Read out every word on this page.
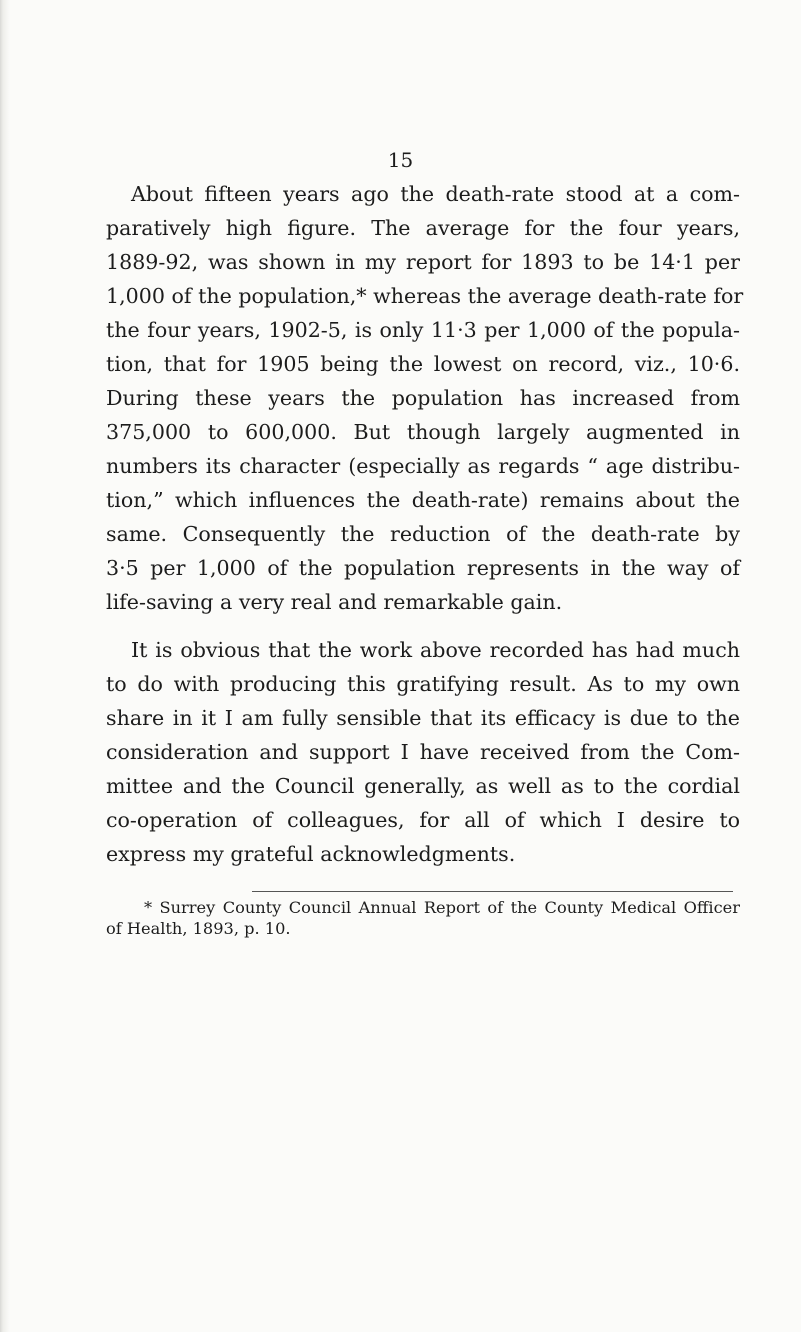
15
About fifteen years ago the death-rate stood at a com-
paratively high figure. The average for the four years,
1889-92, was shown in my report for 1893 to be 14·1 per
1,000 of the population,* whereas the average death-rate for
the four years, 1902-5, is only 11·3 per 1,000 of the popula-
tion, that for 1905 being the lowest on record, viz., 10·6.
During these years the population has increased from
375,000 to 600,000. But though largely augmented in
numbers its character (especially as regards “ age distribu-
tion,” which influences the death-rate) remains about the
same. Consequently the reduction of the death-rate by
3·5 per 1,000 of the population represents in the way of
life-saving a very real and remarkable gain.
It is obvious that the work above recorded has had much
to do with producing this gratifying result. As to my own
share in it I am fully sensible that its efficacy is due to the
consideration and support I have received from the Com-
mittee and the Council generally, as well as to the cordial
co-operation of colleagues, for all of which I desire to
express my grateful acknowledgments.
* Surrey County Council Annual Report of the County Medical Officer
of Health, 1893, p. 10.
